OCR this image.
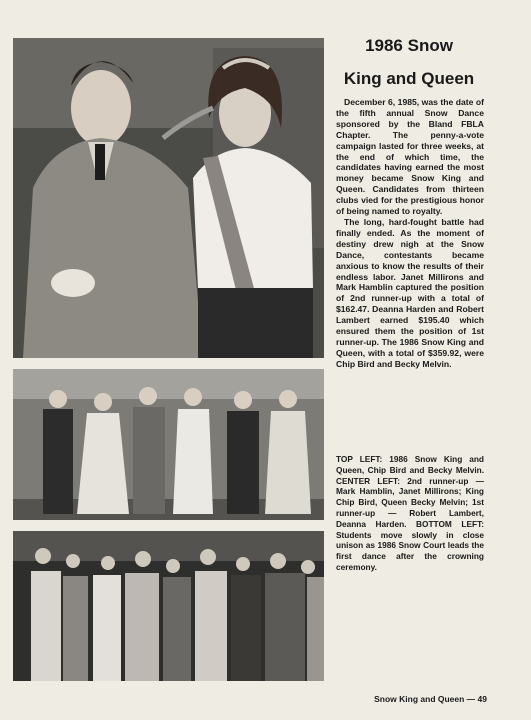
1986 Snow
King and Queen

December 6, 1985, was the date of the fifth annual Snow Dance sponsored by the Bland FBLA Chapter. The penny-a-vote campaign lasted for three weeks, at the end of which time, the candidates having earned the most money became Snow King and Queen. Candidates from thirteen clubs vied for the prestigious honor of being named to royalty.

The long, hard-fought battle had finally ended. As the moment of destiny drew nigh at the Snow Dance, contestants became anxious to know the results of their endless labor. Janet Millirons and Mark Hamblin captured the position of 2nd runner-up with a total of $162.47. Deanna Harden and Robert Lambert earned $195.40 which ensured them the position of 1st runner-up. The 1986 Snow King and Queen, with a total of $359.92, were Chip Bird and Becky Melvin.

TOP LEFT: 1986 Snow King and Queen, Chip Bird and Becky Melvin. CENTER LEFT: 2nd runner-up — Mark Hamblin, Janet Millirons; King Chip Bird, Queen Becky Melvin; 1st runner-up — Robert Lambert, Deanna Harden. BOTTOM LEFT: Students move slowly in close unison as 1986 Snow Court leads the first dance after the crowning ceremony.

Snow King and Queen — 49
